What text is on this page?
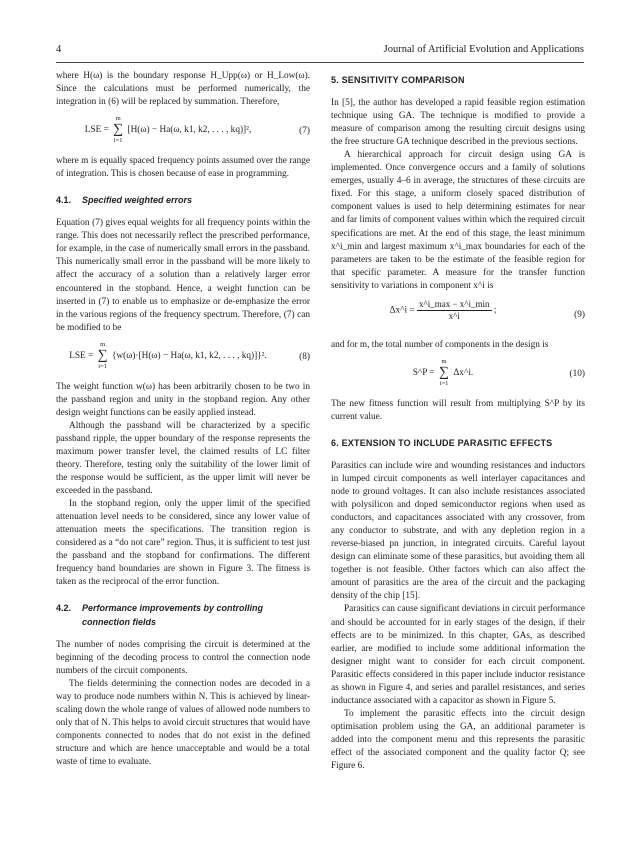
4	Journal of Artificial Evolution and Applications

where H(ω) is the boundary response H_Upp(ω) or H_Low(ω). Since the calculations must be performed numerically, the integration in (6) will be replaced by summation. Therefore,

LSE = m
∑
i=1 [H(ω) − Ha(ω, k1, k2, . . . , kq)]²,	(7)

where m is equally spaced frequency points assumed over the range of integration. This is chosen because of ease in programming.

4.1. Specified weighted errors

Equation (7) gives equal weights for all frequency points within the range. This does not necessarily reflect the prescribed performance, for example, in the case of numerically small errors in the passband. This numerically small error in the passband will be more likely to affect the accuracy of a solution than a relatively larger error encountered in the stopband. Hence, a weight function can be inserted in (7) to enable us to emphasize or de-emphasize the error in the various regions of the frequency spectrum. Therefore, (7) can be modified to be

LSE = m
∑
i=1 {w(ω)·[H(ω) − Ha(ω, k1, k2, . . . , kq)]}².	(8)

The weight function w(ω) has been arbitrarily chosen to be two in the passband region and unity in the stopband region. Any other design weight functions can be easily applied instead.

Although the passband will be characterized by a specific passband ripple, the upper boundary of the response represents the maximum power transfer level, the claimed results of LC filter theory. Therefore, testing only the suitability of the lower limit of the response would be sufficient, as the upper limit will never be exceeded in the passband.

In the stopband region, only the upper limit of the specified attenuation level needs to be considered, since any lower value of attenuation meets the specifications. The transition region is considered as a “do not care” region. Thus, it is sufficient to test just the passband and the stopband for confirmations. The different frequency band boundaries are shown in Figure 3. The fitness is taken as the reciprocal of the error function.

4.2. Performance improvements by controlling
connection fields

The number of nodes comprising the circuit is determined at the beginning of the decoding process to control the connection node numbers of the circuit components.

The fields determining the connection nodes are decoded in a way to produce node numbers within N. This is achieved by linear-scaling down the whole range of values of allowed node numbers to only that of N. This helps to avoid circuit structures that would have components connected to nodes that do not exist in the defined structure and which are hence unacceptable and would be a total waste of time to evaluate.

5. SENSITIVITY COMPARISON

In [5], the author has developed a rapid feasible region estimation technique using GA. The technique is modified to provide a measure of comparison among the resulting circuit designs using the free structure GA technique described in the previous sections.

A hierarchical approach for circuit design using GA is implemented. Once convergence occurs and a family of solutions emerges, usually 4–6 in average, the structures of these circuits are fixed. For this stage, a uniform closely spaced distribution of component values is used to help determining estimates for near and far limits of component values within which the required circuit specifications are met. At the end of this stage, the least minimum x^i_min and largest maximum x^i_max boundaries for each of the parameters are taken to be the estimate of the feasible region for that specific parameter. A measure for the transfer function sensitivity to variations in component x^i is

Δx^i = $\frac{x\^{}i\_\max - x\^{}i\_\min}{x\^{}i}$ ;	(9)

and for m, the total number of components in the design is

S^P = m
∑
i=1 Δx^i.	(10)

The new fitness function will result from multiplying S^P by its current value.

6. EXTENSION TO INCLUDE PARASITIC EFFECTS

Parasitics can include wire and wounding resistances and inductors in lumped circuit components as well interlayer capacitances and node to ground voltages. It can also include resistances associated with polysilicon and doped semiconductor regions when used as conductors, and capacitances associated with any crossover, from any conductor to substrate, and with any depletion region in a reverse-biased pn junction, in integrated circuits. Careful layout design can eliminate some of these parasitics, but avoiding them all together is not feasible. Other factors which can also affect the amount of parasitics are the area of the circuit and the packaging density of the chip [15].

Parasitics can cause significant deviations in circuit performance and should be accounted for in early stages of the design, if their effects are to be minimized. In this chapter, GAs, as described earlier, are modified to include some additional information the designer might want to consider for each circuit component. Parasitic effects considered in this paper include inductor resistance as shown in Figure 4, and series and parallel resistances, and series inductance associated with a capacitor as shown in Figure 5.

To implement the parasitic effects into the circuit design optimisation problem using the GA, an additional parameter is added into the component menu and this represents the parasitic effect of the associated component and the quality factor Q; see Figure 6.
